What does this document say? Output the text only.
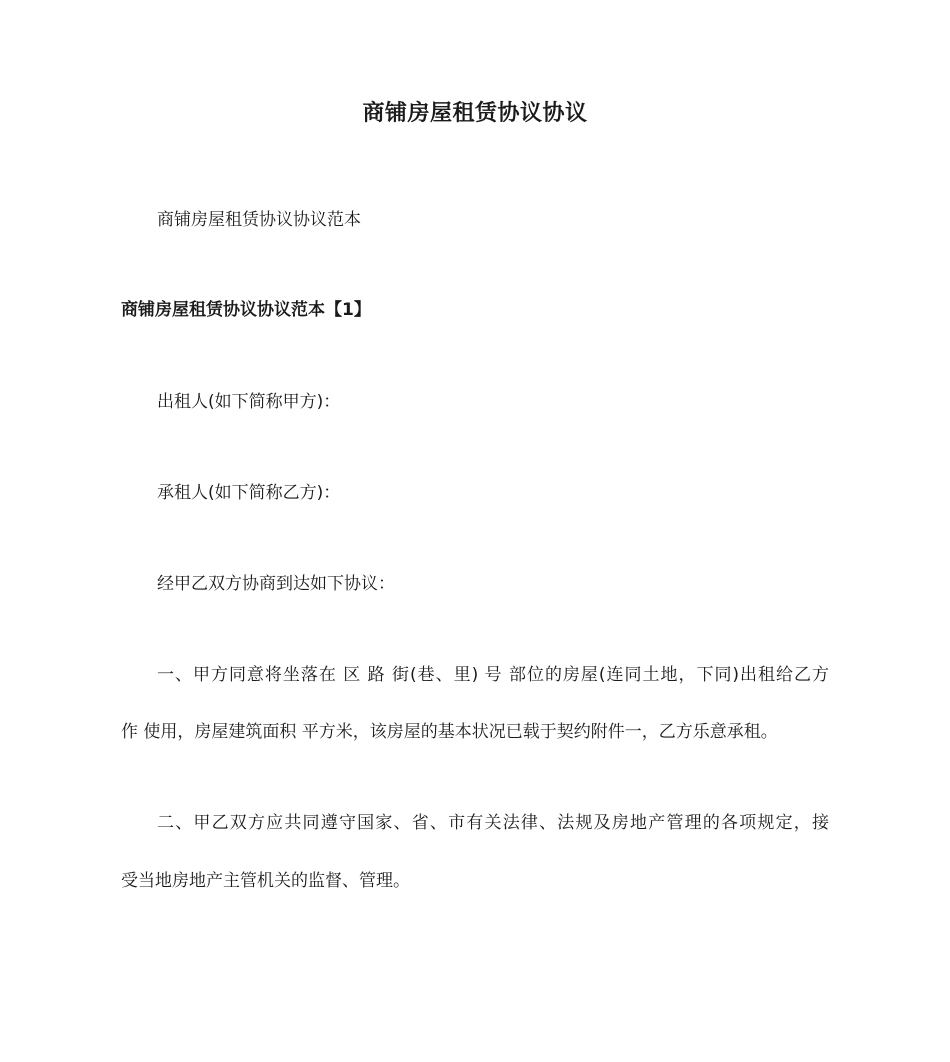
商铺房屋租赁协议协议
商铺房屋租赁协议协议范本
商铺房屋租赁协议协议范本【1】
出租人(如下简称甲方)：
承租人(如下简称乙方)：
经甲乙双方协商到达如下协议：
一、甲方同意将坐落在 区 路 街(巷、里) 号 部位的房屋(连同土地，下同)出租给乙方
作 使用，房屋建筑面积 平方米，该房屋的基本状况已载于契约附件一，乙方乐意承租。
二、甲乙双方应共同遵守国家、省、市有关法律、法规及房地产管理的各项规定，接
受当地房地产主管机关的监督、管理。
